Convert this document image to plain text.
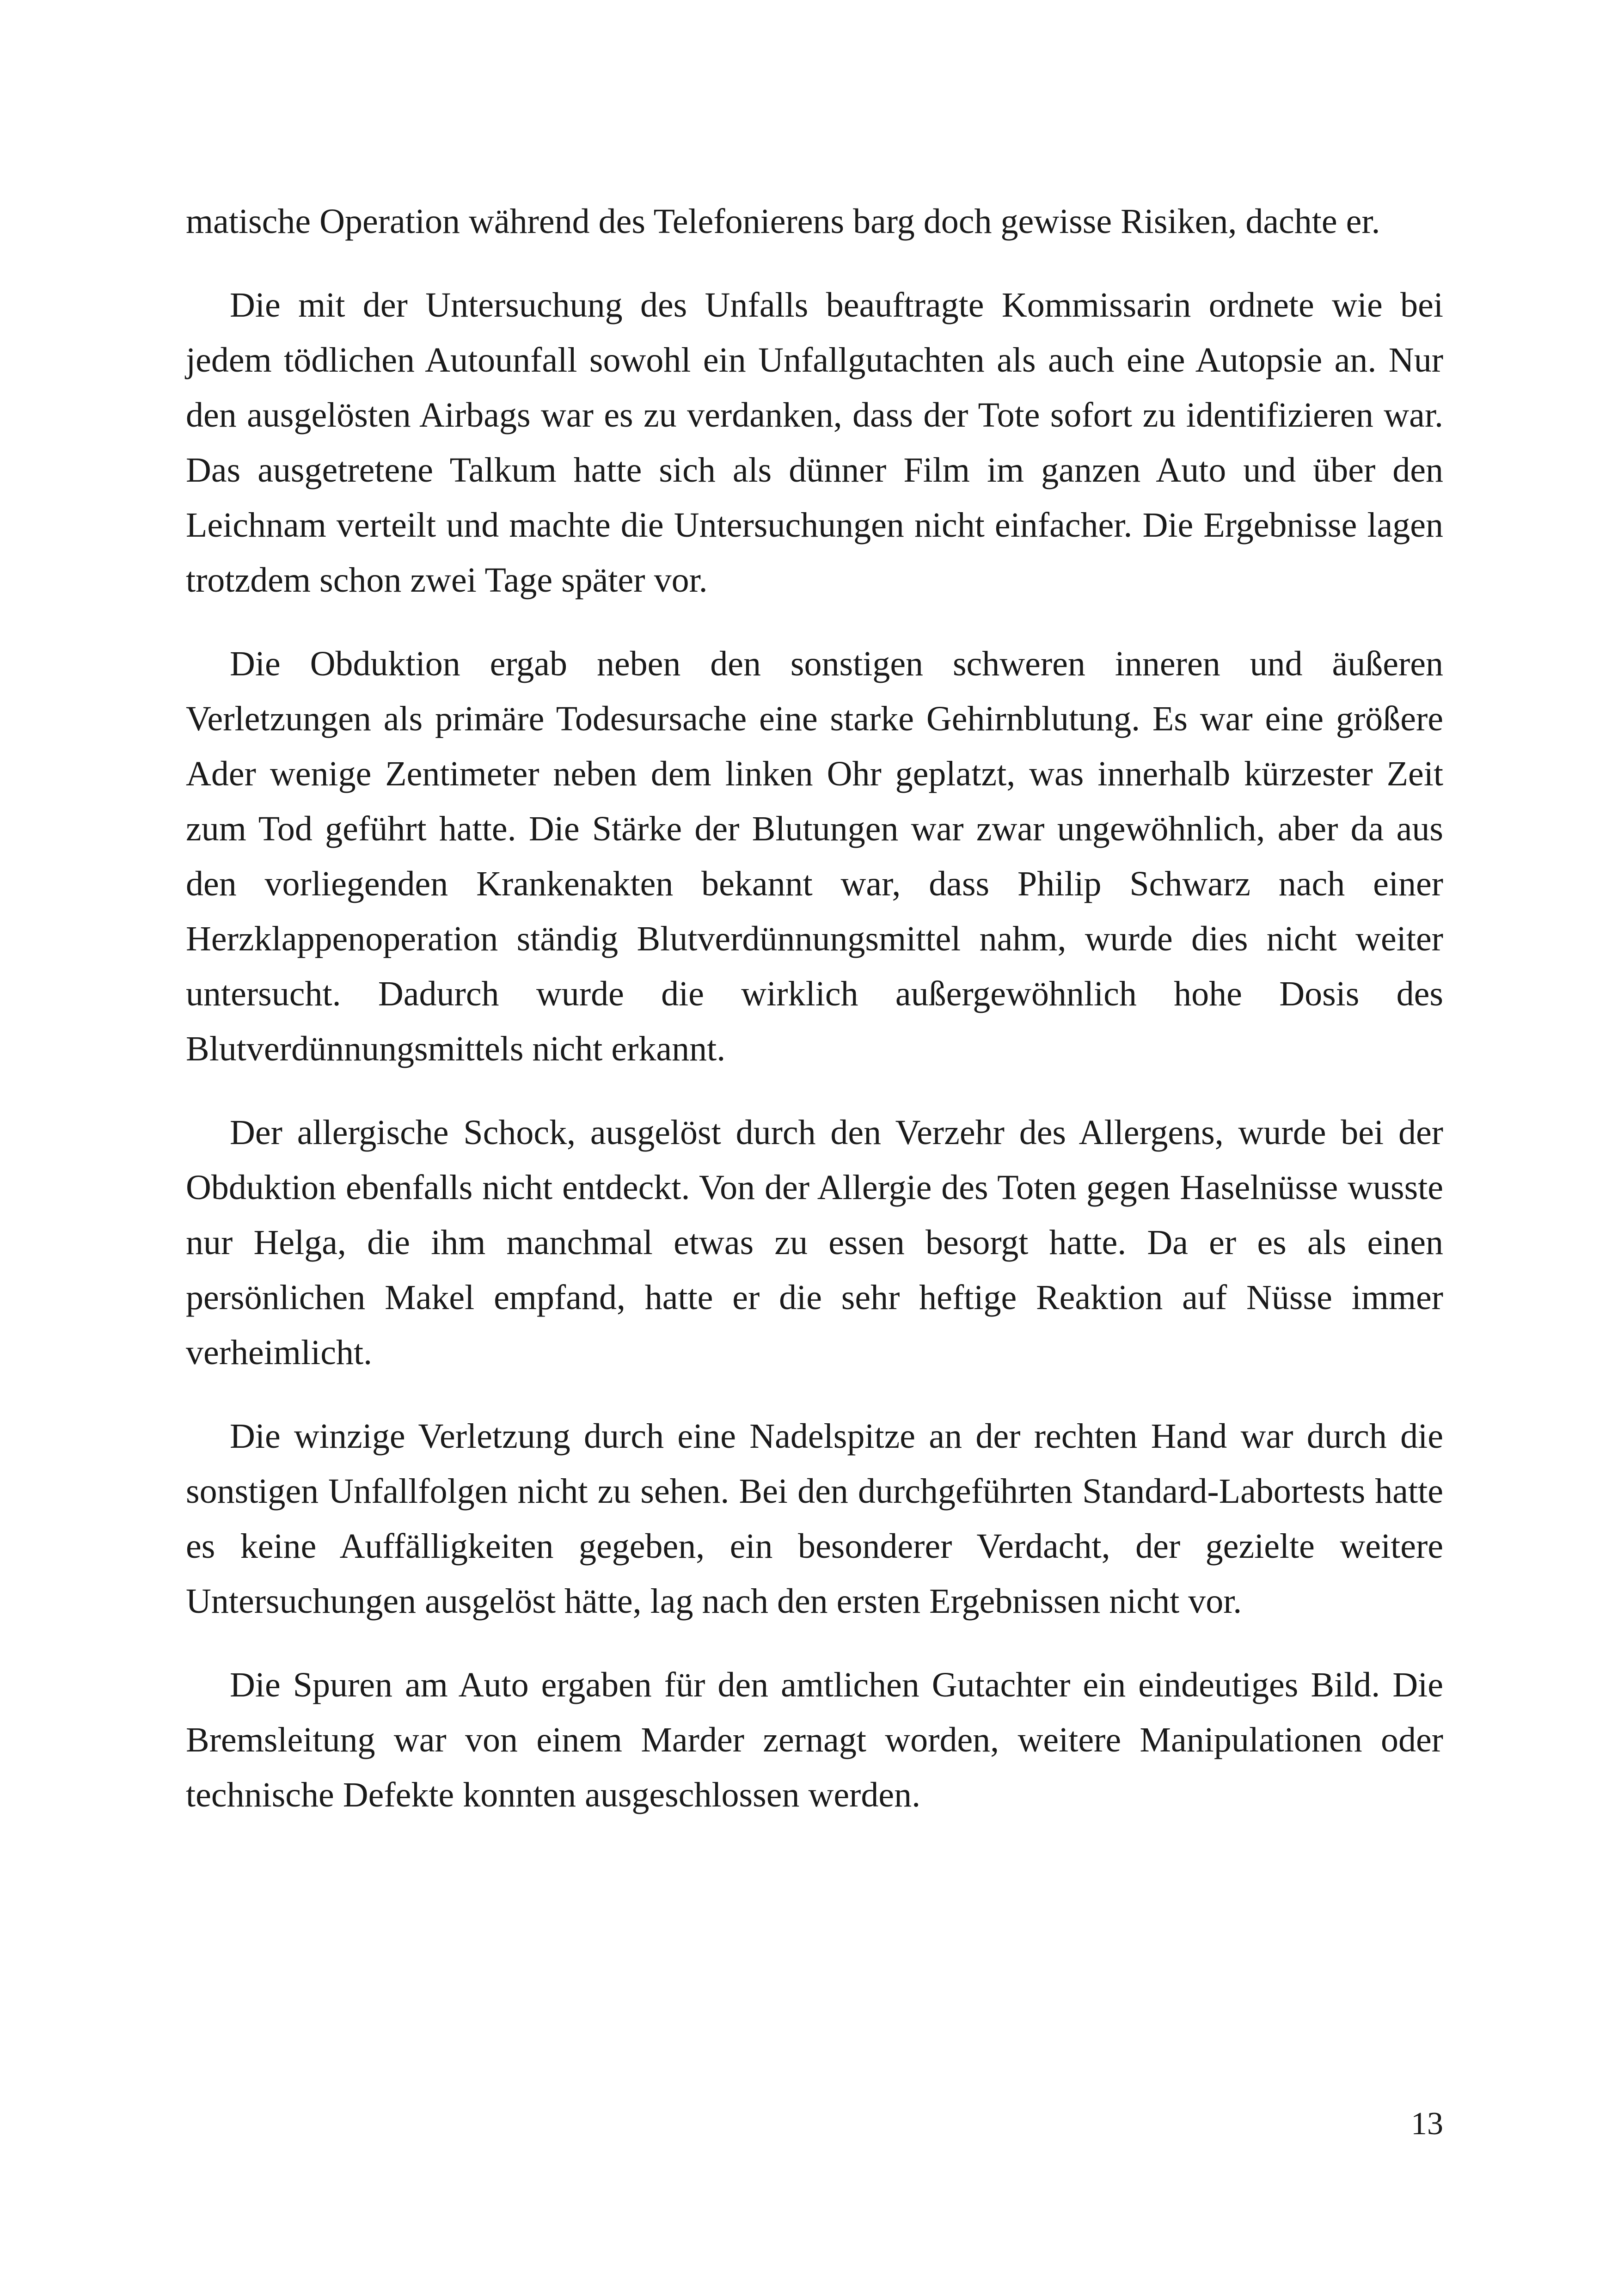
matische Operation während des Telefonierens barg doch gewisse Risiken, dachte er.

Die mit der Untersuchung des Unfalls beauftragte Kommissarin ordnete wie bei jedem tödlichen Autounfall sowohl ein Unfallgutachten als auch eine Autopsie an. Nur den ausgelösten Airbags war es zu verdanken, dass der Tote sofort zu identifizieren war. Das ausgetretene Talkum hatte sich als dünner Film im ganzen Auto und über den Leichnam verteilt und machte die Untersuchungen nicht einfacher. Die Ergebnisse lagen trotzdem schon zwei Tage später vor.

Die Obduktion ergab neben den sonstigen schweren inneren und äußeren Verletzungen als primäre Todesursache eine starke Gehirnblutung. Es war eine größere Ader wenige Zentimeter neben dem linken Ohr geplatzt, was innerhalb kürzester Zeit zum Tod geführt hatte. Die Stärke der Blutungen war zwar ungewöhnlich, aber da aus den vorliegenden Krankenakten bekannt war, dass Philip Schwarz nach einer Herzklappenoperation ständig Blutverdünnungsmittel nahm, wurde dies nicht weiter untersucht. Dadurch wurde die wirklich außergewöhnlich hohe Dosis des Blutverdünnungsmittels nicht erkannt.

Der allergische Schock, ausgelöst durch den Verzehr des Allergens, wurde bei der Obduktion ebenfalls nicht entdeckt. Von der Allergie des Toten gegen Haselnüsse wusste nur Helga, die ihm manchmal etwas zu essen besorgt hatte. Da er es als einen persönlichen Makel empfand, hatte er die sehr heftige Reaktion auf Nüsse immer verheimlicht.

Die winzige Verletzung durch eine Nadelspitze an der rechten Hand war durch die sonstigen Unfallfolgen nicht zu sehen. Bei den durchgeführten Standard-Labortests hatte es keine Auffälligkeiten gegeben, ein besonderer Verdacht, der gezielte weitere Untersuchungen ausgelöst hätte, lag nach den ersten Ergebnissen nicht vor.

Die Spuren am Auto ergaben für den amtlichen Gutachter ein eindeutiges Bild. Die Bremsleitung war von einem Marder zernagt worden, weitere Manipulationen oder technische Defekte konnten ausgeschlossen werden.

13
